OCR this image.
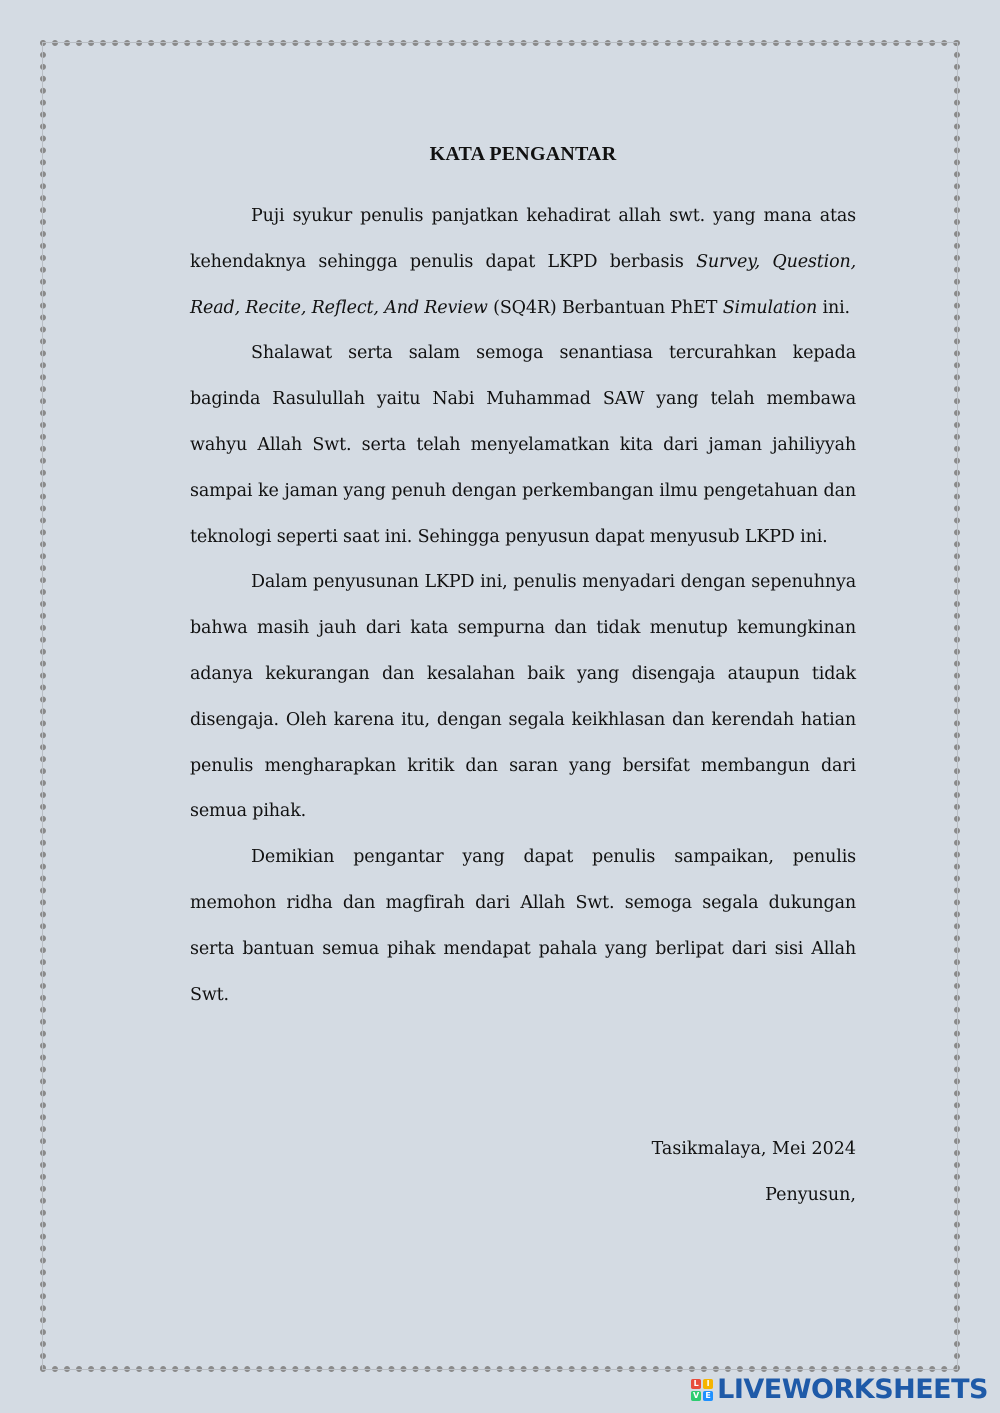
KATA PENGANTAR

Puji syukur penulis panjatkan kehadirat allah swt. yang mana atas kehendaknya sehingga penulis dapat LKPD berbasis Survey, Question, Read, Recite, Reflect, And Review (SQ4R) Berbantuan PhET Simulation ini.

Shalawat serta salam semoga senantiasa tercurahkan kepada baginda Rasulullah yaitu Nabi Muhammad SAW yang telah membawa wahyu Allah Swt. serta telah menyelamatkan kita dari jaman jahiliyyah sampai ke jaman yang penuh dengan perkembangan ilmu pengetahuan dan teknologi seperti saat ini. Sehingga penyusun dapat menyusub LKPD ini.

Dalam penyusunan LKPD ini, penulis menyadari dengan sepenuhnya bahwa masih jauh dari kata sempurna dan tidak menutup kemungkinan adanya kekurangan dan kesalahan baik yang disengaja ataupun tidak disengaja. Oleh karena itu, dengan segala keikhlasan dan kerendah hatian penulis mengharapkan kritik dan saran yang bersifat membangun dari semua pihak.

Demikian pengantar yang dapat penulis sampaikan, penulis memohon ridha dan magfirah dari Allah Swt. semoga segala dukungan serta bantuan semua pihak mendapat pahala yang berlipat dari sisi Allah Swt.

Tasikmalaya, Mei 2024
Penyusun,
L I
V E LIVEWORKSHEETS
